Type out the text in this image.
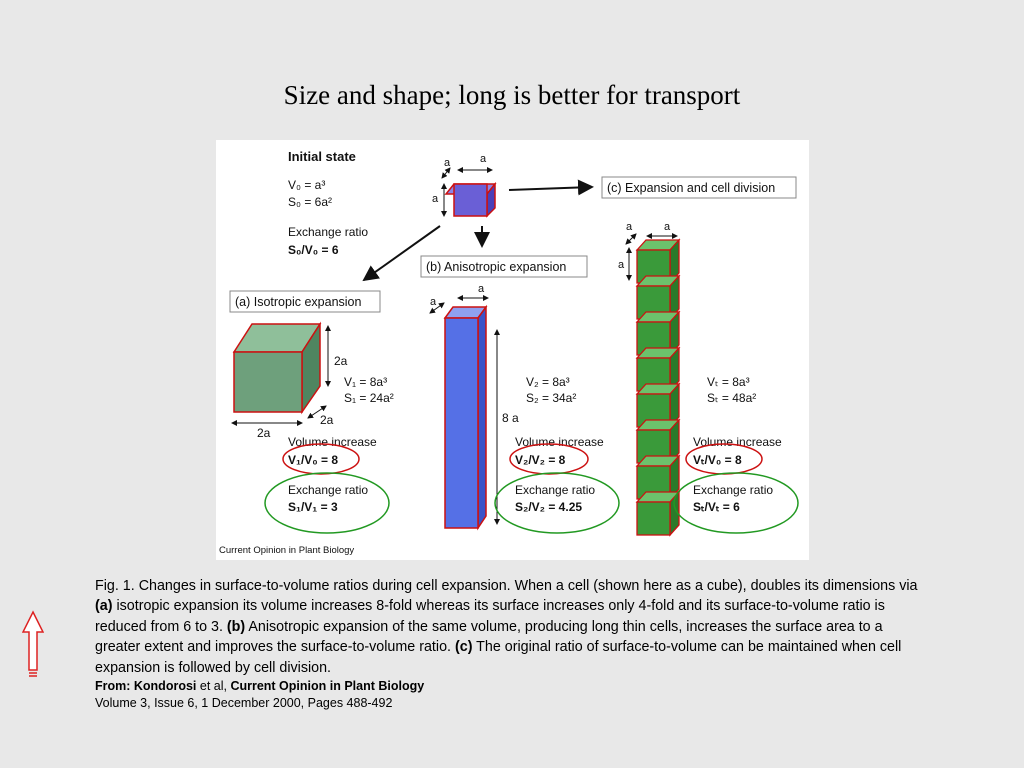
Size and shape; long is better for transport
Initial state
V₀ = a³
S₀ = 6a²
Exchange ratio
S₀/V₀ = 6
a
a
a
(c) Expansion and cell division
(b) Anisotropic expansion
(a) Isotropic expansion
2a
2a
2a
V₁ = 8a³
S₁ = 24a²
Volume increase
V₁/V₀ = 8
Exchange ratio
S₁/V₁ = 3
a
a
8 a
V₂ = 8a³
S₂ = 34a²
Volume increase
V₂/V₂ = 8
Exchange ratio
S₂/V₂ = 4.25
a
a
a
Vₜ = 8a³
Sₜ = 48a²
Volume increase
Vₜ/V₀ = 8
Exchange ratio
Sₜ/Vₜ = 6
Current Opinion in Plant Biology

Fig. 1. Changes in surface-to-volume ratios during cell expansion. When a cell (shown here as a cube), doubles its dimensions via (a) isotropic expansion its volume increases 8-fold whereas its surface increases only 4-fold and its surface-to-volume ratio is reduced from 6 to 3. (b) Anisotropic expansion of the same volume, producing long thin cells, increases the surface area to a greater extent and improves the surface-to-volume ratio. (c) The original ratio of surface-to-volume can be maintained when cell expansion is followed by cell division.

From: Kondorosi et al, Current Opinion in Plant Biology

Volume 3, Issue 6, 1 December 2000, Pages 488-492
